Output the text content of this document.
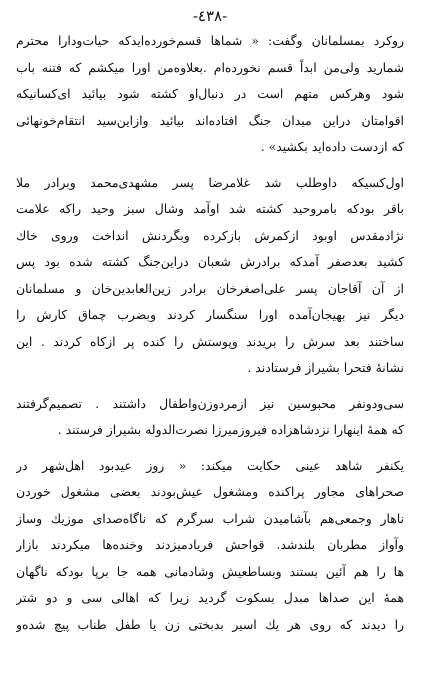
-٤٣٨-
روكرد بمسلمانان وگفت: « شماها قسم‌خورده‌ايدكه حيات‌ودارا محترم
شماريد ولى‌من ابداً قسم نخورده‌ام .بعلاوه‌من اورا ميكشم كه فتنه باب
شود وهركس متهم است در دنبال‌او كشته شود بيائيد اى‌كسانيكه
اقوامتان دراين ميدان جنگ افتاده‌اند بيائيد وازاين‌سيد انتقام‌خونهائى
كه ازدست داده‌ايد بكشيد» .
اول‌كسيكه داوطلب شد غلامرضا پسر مشهدى‌محمد وبرادر ملا
باقر بودكه بامروحيد كشته شد اوآمد وشال سبز وحيد راكه علامت
نژادمقدس اوبود ازكمرش بازكرده وبگردنش انداخت وروى خاك
كشيد بعدصفر آمدكه برادرش شعبان دراين‌جنگ كشته شده بود پس
از آن آقاجان پسر على‌اصغرخان برادر زين‌العابدين‌خان و مسلمانان
ديگر نيز بهيجان‌آمده اورا سنگسار كردند وبضرب چماق كارش را
ساختند بعد سرش را بريدند وپوستش را كنده پر ازكاه كردند . اين
نشانهٔ فتحرا بشيراز فرستادند .
سى‌ودونفر محبوسين نيز ازمردوزن‌واطفال داشتند . تصميم‌گرفتند
كه همهٔ اينهارا نزدشاهزاده فيروزميرزا نصرت‌الدوله بشيراز فرستند .
يكنفر شاهد عينى حكايت ميكند: « روز عيدبود اهل‌شهر در
صحراهاى مجاور پراكنده ومشغول عيش‌بودند بعضى مشغول خوردن
ناهار وجمعى‌هم بآشاميدن شراب سرگرم كه ناگاه‌صداى موزيك وساز
وآواز مطربان بلندشد. قواحش فريادميزدند وخنده‌ها ميكردند بازار
ها را هم آئين بستند وبساطعيش وشادمانى همه جا برپا بودكه ناگهان
همهٔ اين صداها مبدل بسكوت گرديد زيرا كه اهالى سى و دو شتر
را ديدند كه روى هر يك اسير بدبختى زن يا طفل طناب پيچ شده‌و
